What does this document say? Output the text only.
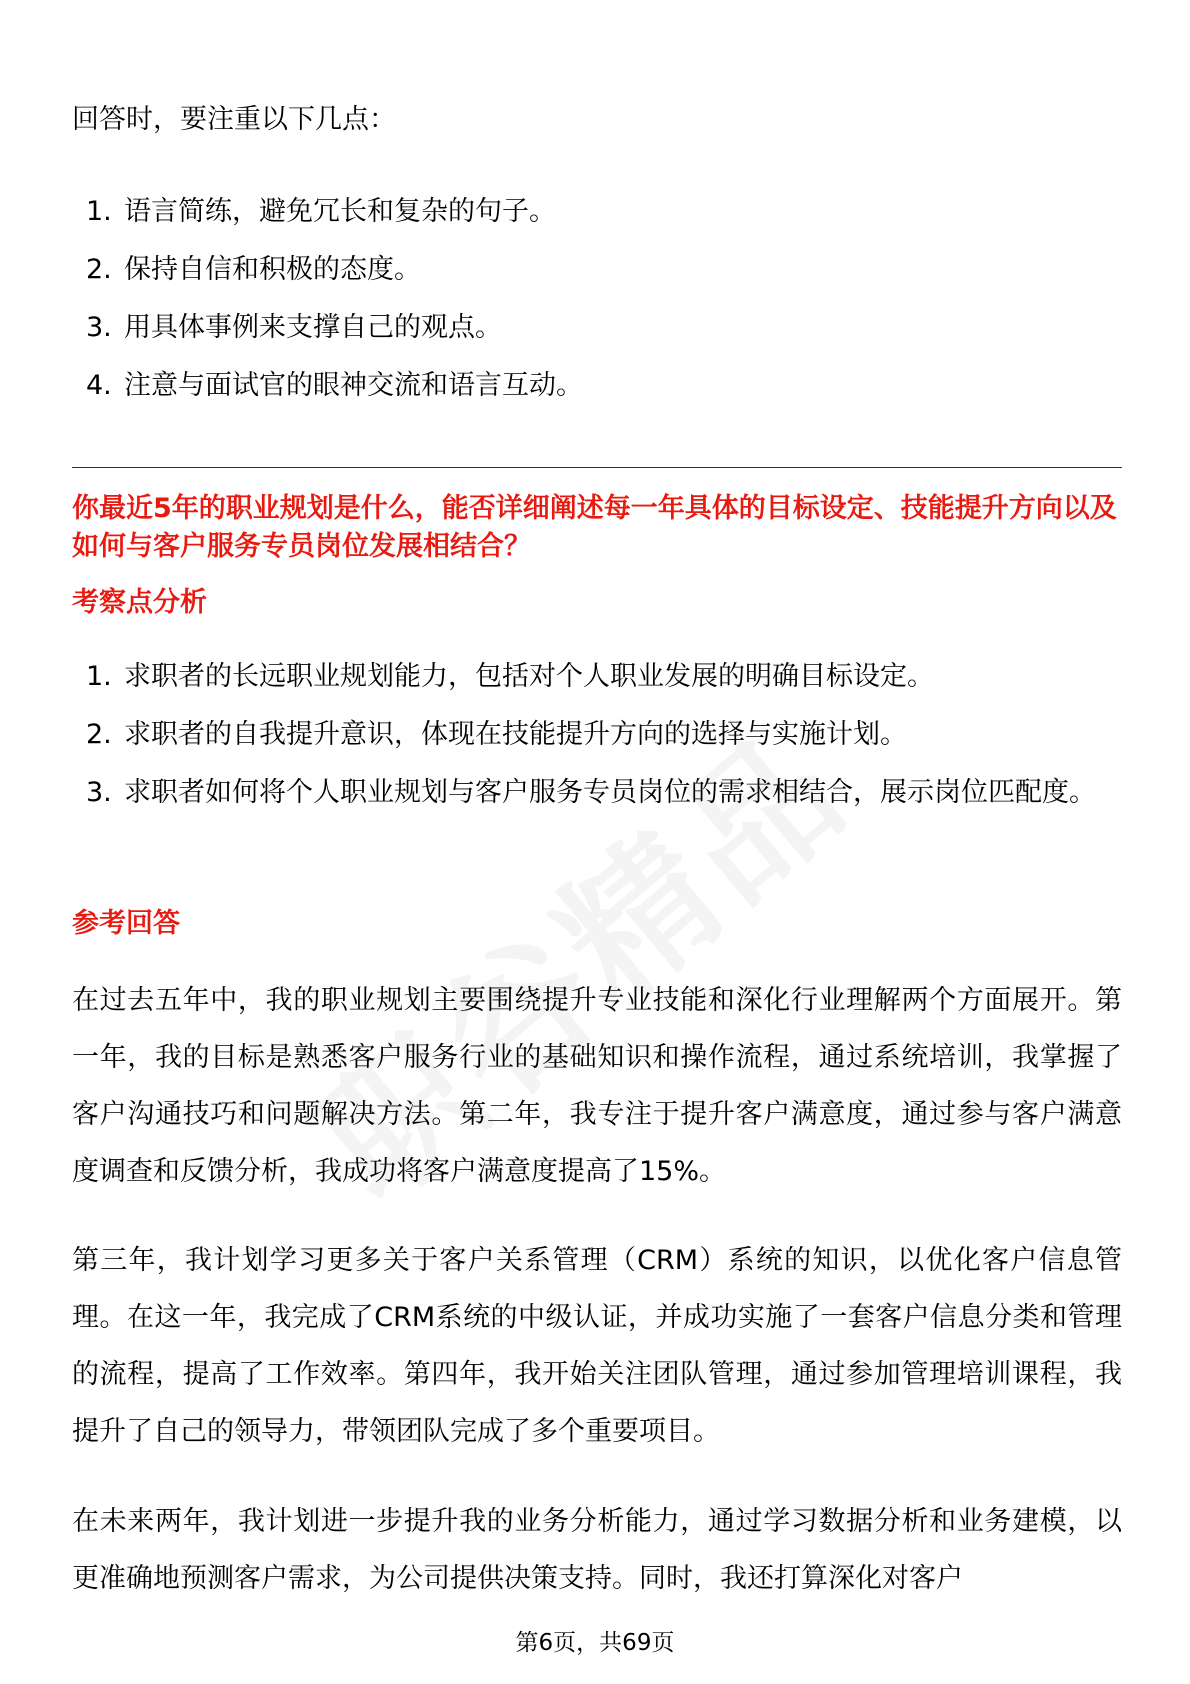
回答时，要注重以下几点：

1. 语言简练，避免冗长和复杂的句子。
2. 保持自信和积极的态度。
3. 用具体事例来支撑自己的观点。
4. 注意与面试官的眼神交流和语言互动。

你最近5年的职业规划是什么，能否详细阐述每一年具体的目标设定、技能提升方向以及如何与客户服务专员岗位发展相结合？

考察点分析

1. 求职者的长远职业规划能力，包括对个人职业发展的明确目标设定。
2. 求职者的自我提升意识，体现在技能提升方向的选择与实施计划。
3. 求职者如何将个人职业规划与客户服务专员岗位的需求相结合，展示岗位匹配度。

参考回答

在过去五年中，我的职业规划主要围绕提升专业技能和深化行业理解两个方面展开。第一年，我的目标是熟悉客户服务行业的基础知识和操作流程，通过系统培训，我掌握了客户沟通技巧和问题解决方法。第二年，我专注于提升客户满意度，通过参与客户满意度调查和反馈分析，我成功将客户满意度提高了15%。

第三年，我计划学习更多关于客户关系管理（CRM）系统的知识，以优化客户信息管理。在这一年，我完成了CRM系统的中级认证，并成功实施了一套客户信息分类和管理的流程，提高了工作效率。第四年，我开始关注团队管理，通过参加管理培训课程，我提升了自己的领导力，带领团队完成了多个重要项目。

在未来两年，我计划进一步提升我的业务分析能力，通过学习数据分析和业务建模，以更准确地预测客户需求，为公司提供决策支持。同时，我还打算深化对客户

第6页，共69页
